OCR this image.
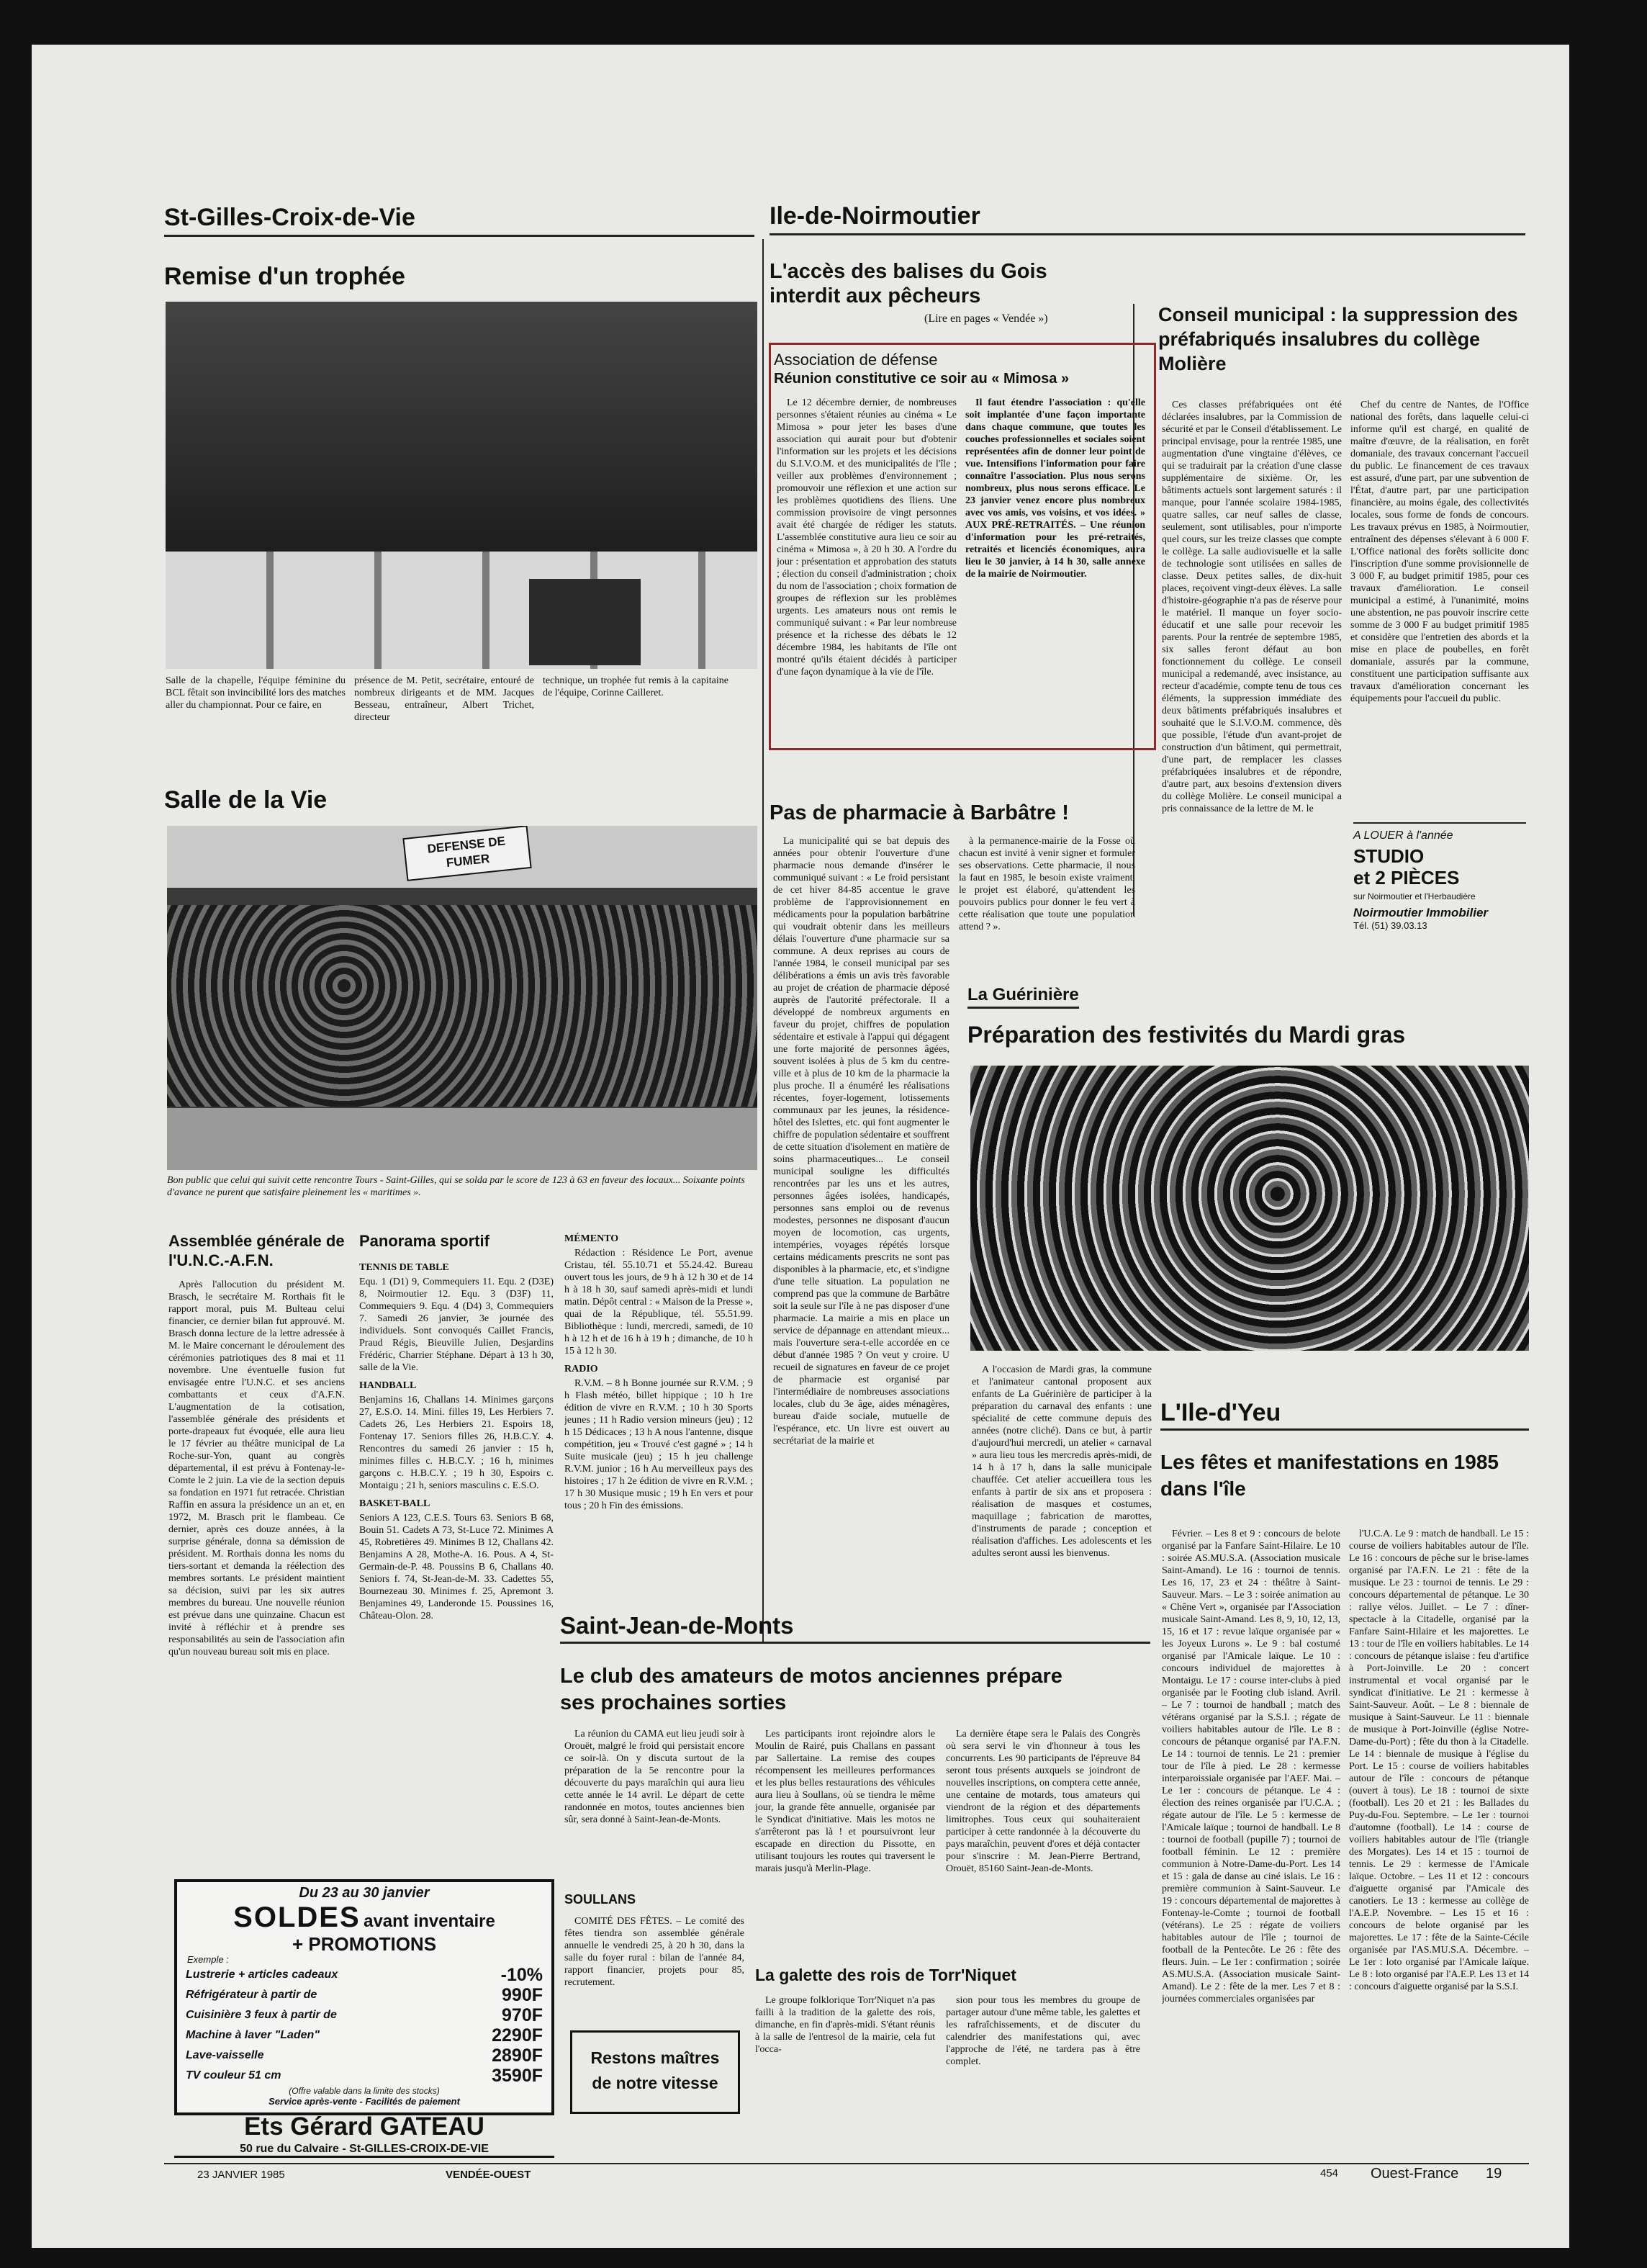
St-Gilles-Croix-de-Vie
Remise d'un trophée
Salle de la chapelle, l'équipe féminine du BCL fêtait son invincibilité lors des matches aller du championnat. Pour ce faire, en
présence de M. Petit, secrétaire, entouré de nombreux dirigeants et de MM. Jacques Besseau, entraîneur, Albert Trichet, directeur
technique, un trophée fut remis à la capitaine de l'équipe, Corinne Cailleret.
Salle de la Vie
DEFENSE DE FUMER
Bon public que celui qui suivit cette rencontre Tours - Saint-Gilles, qui se solda par le score de 123 à 63 en faveur des locaux... Soixante points d'avance ne purent que satisfaire pleinement les « maritimes ».
Assemblée générale de l'U.N.C.-A.F.N.

Après l'allocution du président M. Brasch, le secrétaire M. Rorthais fit le rapport moral, puis M. Bulteau celui financier, ce dernier bilan fut approuvé. M. Brasch donna lecture de la lettre adressée à M. le Maire concernant le déroulement des cérémonies patriotiques des 8 mai et 11 novembre. Une éventuelle fusion fut envisagée entre l'U.N.C. et ses anciens combattants et ceux d'A.F.N. L'augmentation de la cotisation, l'assemblée générale des présidents et porte-drapeaux fut évoquée, elle aura lieu le 17 février au théâtre municipal de La Roche-sur-Yon, quant au congrès départemental, il est prévu à Fontenay-le-Comte le 2 juin. La vie de la section depuis sa fondation en 1971 fut retracée. Christian Raffin en assura la présidence un an et, en 1972, M. Brasch prit le flambeau. Ce dernier, après ces douze années, à la surprise générale, donna sa démission de président. M. Rorthais donna les noms du tiers-sortant et demanda la réélection des membres sortants. Le président maintient sa décision, suivi par les six autres membres du bureau. Une nouvelle réunion est prévue dans une quinzaine. Chacun est invité à réfléchir et à prendre ses responsabilités au sein de l'association afin qu'un nouveau bureau soit mis en place.

Panorama sportif
TENNIS DE TABLE

Equ. 1 (D1) 9, Commequiers 11. Equ. 2 (D3E) 8, Noirmoutier 12. Equ. 3 (D3F) 11, Commequiers 9. Equ. 4 (D4) 3, Commequiers 7. Samedi 26 janvier, 3e journée des individuels. Sont convoqués Caillet Francis, Praud Régis, Bieuville Julien, Desjardins Frédéric, Charrier Stéphane. Départ à 13 h 30, salle de la Vie.

HANDBALL

Benjamins 16, Challans 14. Minimes garçons 27, E.S.O. 14. Mini. filles 19, Les Herbiers 7. Cadets 26, Les Herbiers 21. Espoirs 18, Fontenay 17. Seniors filles 26, H.B.C.Y. 4. Rencontres du samedi 26 janvier : 15 h, minimes filles c. H.B.C.Y. ; 16 h, minimes garçons c. H.B.C.Y. ; 19 h 30, Espoirs c. Montaigu ; 21 h, seniors masculins c. E.S.O.

BASKET-BALL

Seniors A 123, C.E.S. Tours 63. Seniors B 68, Bouin 51. Cadets A 73, St-Luce 72. Minimes A 45, Robretières 49. Minimes B 12, Challans 42. Benjamins A 28, Mothe-A. 16. Pous. A 4, St-Germain-de-P. 48. Poussins B 6, Challans 40. Seniors f. 74, St-Jean-de-M. 33. Cadettes 55, Bournezeau 30. Minimes f. 25, Apremont 3. Benjamines 49, Landeronde 15. Poussines 16, Château-Olon. 28.

MÉMENTO

Rédaction : Résidence Le Port, avenue Cristau, tél. 55.10.71 et 55.24.42. Bureau ouvert tous les jours, de 9 h à 12 h 30 et de 14 h à 18 h 30, sauf samedi après-midi et lundi matin. Dépôt central : « Maison de la Presse », quai de la République, tél. 55.51.99. Bibliothèque : lundi, mercredi, samedi, de 10 h à 12 h et de 16 h à 19 h ; dimanche, de 10 h 15 à 12 h 30.

RADIO

R.V.M. – 8 h Bonne journée sur R.V.M. ; 9 h Flash météo, billet hippique ; 10 h 1re édition de vivre en R.V.M. ; 10 h 30 Sports jeunes ; 11 h Radio version mineurs (jeu) ; 12 h 15 Dédicaces ; 13 h A nous l'antenne, disque compétition, jeu « Trouvé c'est gagné » ; 14 h Suite musicale (jeu) ; 15 h jeu challenge R.V.M. junior ; 16 h Au merveilleux pays des histoires ; 17 h 2e édition de vivre en R.V.M. ; 17 h 30 Musique music ; 19 h En vers et pour tous ; 20 h Fin des émissions.

Du 23 au 30 janvier
SOLDES avant inventaire
+ PROMOTIONS
Exemple :
Lustrerie + articles cadeaux	-10%
Réfrigérateur à partir de	990F
Cuisinière 3 feux à partir de	970F
Machine à laver "Laden"	2290F
Lave-vaisselle	2890F
TV couleur 51 cm	3590F
(Offre valable dans la limite des stocks)
Service après-vente - Facilités de paiement
Ets Gérard GATEAU
50 rue du Calvaire - St-GILLES-CROIX-DE-VIE
Ile-de-Noirmoutier
L'accès des balises du Gois interdit aux pêcheurs
(Lire en pages « Vendée »)
Association de défense
Réunion constitutive ce soir au « Mimosa »

Le 12 décembre dernier, de nombreuses personnes s'étaient réunies au cinéma « Le Mimosa » pour jeter les bases d'une association qui aurait pour but d'obtenir l'information sur les projets et les décisions du S.I.V.O.M. et des municipalités de l'île ; veiller aux problèmes d'environnement ; promouvoir une réflexion et une action sur les problèmes quotidiens des îliens. Une commission provisoire de vingt personnes avait été chargée de rédiger les statuts. L'assemblée constitutive aura lieu ce soir au cinéma « Mimosa », à 20 h 30. A l'ordre du jour : présentation et approbation des statuts ; élection du conseil d'administration ; choix du nom de l'association ; choix formation de groupes de réflexion sur les problèmes urgents. Les amateurs nous ont remis le communiqué suivant : « Par leur nombreuse présence et la richesse des débats le 12 décembre 1984, les habitants de l'île ont montré qu'ils étaient décidés à participer d'une façon dynamique à la vie de l'île.

Il faut étendre l'association : qu'elle soit implantée d'une façon importante dans chaque commune, que toutes les couches professionnelles et sociales soient représentées afin de donner leur point de vue. Intensifions l'information pour faire connaître l'association. Plus nous serons nombreux, plus nous serons efficace. Le 23 janvier venez encore plus nombreux avec vos amis, vos voisins, et vos idées. » AUX PRÉ-RETRAITÉS. – Une réunion d'information pour les pré-retraités, retraités et licenciés économiques, aura lieu le 30 janvier, à 14 h 30, salle annexe de la mairie de Noirmoutier.

Pas de pharmacie à Barbâtre !

La municipalité qui se bat depuis des années pour obtenir l'ouverture d'une pharmacie nous demande d'insérer le communiqué suivant : « Le froid persistant de cet hiver 84-85 accentue le grave problème de l'approvisionnement en médicaments pour la population barbâtrine qui voudrait obtenir dans les meilleurs délais l'ouverture d'une pharmacie sur sa commune. A deux reprises au cours de l'année 1984, le conseil municipal par ses délibérations a émis un avis très favorable au projet de création de pharmacie déposé auprès de l'autorité préfectorale. Il a développé de nombreux arguments en faveur du projet, chiffres de population sédentaire et estivale à l'appui qui dégagent une forte majorité de personnes âgées, souvent isolées à plus de 5 km du centre-ville et à plus de 10 km de la pharmacie la plus proche. Il a énuméré les réalisations récentes, foyer-logement, lotissements communaux par les jeunes, la résidence-hôtel des Islettes, etc. qui font augmenter le chiffre de population sédentaire et souffrent de cette situation d'isolement en matière de soins pharmaceutiques... Le conseil municipal souligne les difficultés rencontrées par les uns et les autres, personnes âgées isolées, handicapés, personnes sans emploi ou de revenus modestes, personnes ne disposant d'aucun moyen de locomotion, cas urgents, intempéries, voyages répétés lorsque certains médicaments prescrits ne sont pas disponibles à la pharmacie, etc, et s'indigne d'une telle situation. La population ne comprend pas que la commune de Barbâtre soit la seule sur l'île à ne pas disposer d'une pharmacie. La mairie a mis en place un service de dépannage en attendant mieux... mais l'ouverture sera-t-elle accordée en ce début d'année 1985 ? On veut y croire. U recueil de signatures en faveur de ce projet de pharmacie est organisé par l'intermédiaire de nombreuses associations locales, club du 3e âge, aides ménagères, bureau d'aide sociale, mutuelle de l'espérance, etc. Un livre est ouvert au secrétariat de la mairie et

à la permanence-mairie de la Fosse où chacun est invité à venir signer et formuler ses observations. Cette pharmacie, il nous la faut en 1985, le besoin existe vraiment, le projet est élaboré, qu'attendent les pouvoirs publics pour donner le feu vert à cette réalisation que toute une population attend ? ».

La Guérinière
Préparation des festivités du Mardi gras

A l'occasion de Mardi gras, la commune et l'animateur cantonal proposent aux enfants de La Guérinière de participer à la préparation du carnaval des enfants : une spécialité de cette commune depuis des années (notre cliché). Dans ce but, à partir d'aujourd'hui mercredi, un atelier « carnaval » aura lieu tous les mercredis après-midi, de 14 h à 17 h, dans la salle municipale chauffée. Cet atelier accueillera tous les enfants à partir de six ans et proposera : réalisation de masques et costumes, maquillage ; fabrication de marottes, d'instruments de parade ; conception et réalisation d'affiches. Les adolescents et les adultes seront aussi les bienvenus.

Conseil municipal : la suppression des préfabriqués insalubres du collège Molière

Ces classes préfabriquées ont été déclarées insalubres, par la Commission de sécurité et par le Conseil d'établissement. Le principal envisage, pour la rentrée 1985, une augmentation d'une vingtaine d'élèves, ce qui se traduirait par la création d'une classe supplémentaire de sixième. Or, les bâtiments actuels sont largement saturés : il manque, pour l'année scolaire 1984-1985, quatre salles, car neuf salles de classe, seulement, sont utilisables, pour n'importe quel cours, sur les treize classes que compte le collège. La salle audiovisuelle et la salle de technologie sont utilisées en salles de classe. Deux petites salles, de dix-huit places, reçoivent vingt-deux élèves. La salle d'histoire-géographie n'a pas de réserve pour le matériel. Il manque un foyer socio-éducatif et une salle pour recevoir les parents. Pour la rentrée de septembre 1985, six salles feront défaut au bon fonctionnement du collège. Le conseil municipal a redemandé, avec insistance, au recteur d'académie, compte tenu de tous ces éléments, la suppression immédiate des deux bâtiments préfabriqués insalubres et souhaité que le S.I.V.O.M. commence, dès que possible, l'étude d'un avant-projet de construction d'un bâtiment, qui permettrait, d'une part, de remplacer les classes préfabriquées insalubres et de répondre, d'autre part, aux besoins d'extension divers du collège Molière. Le conseil municipal a pris connaissance de la lettre de M. le

Chef du centre de Nantes, de l'Office national des forêts, dans laquelle celui-ci informe qu'il est chargé, en qualité de maître d'œuvre, de la réalisation, en forêt domaniale, des travaux concernant l'accueil du public. Le financement de ces travaux est assuré, d'une part, par une subvention de l'État, d'autre part, par une participation financière, au moins égale, des collectivités locales, sous forme de fonds de concours. Les travaux prévus en 1985, à Noirmoutier, entraînent des dépenses s'élevant à 6 000 F. L'Office national des forêts sollicite donc l'inscription d'une somme provisionnelle de 3 000 F, au budget primitif 1985, pour ces travaux d'amélioration. Le conseil municipal a estimé, à l'unanimité, moins une abstention, ne pas pouvoir inscrire cette somme de 3 000 F au budget primitif 1985 et considère que l'entretien des abords et la mise en place de poubelles, en forêt domaniale, assurés par la commune, constituent une participation suffisante aux travaux d'amélioration concernant les équipements pour l'accueil du public.

A LOUER à l'année
STUDIO
et 2 PIÈCES
sur Noirmoutier et l'Herbaudière
Noirmoutier Immobilier
Tél. (51) 39.03.13
L'Ile-d'Yeu
Les fêtes et manifestations en 1985 dans l'île

Février. – Les 8 et 9 : concours de belote organisé par la Fanfare Saint-Hilaire. Le 10 : soirée AS.MU.S.A. (Association musicale Saint-Amand). Le 16 : tournoi de tennis. Les 16, 17, 23 et 24 : théâtre à Saint-Sauveur. Mars. – Le 3 : soirée animation au « Chêne Vert », organisée par l'Association musicale Saint-Amand. Les 8, 9, 10, 12, 13, 15, 16 et 17 : revue laïque organisée par « les Joyeux Lurons ». Le 9 : bal costumé organisé par l'Amicale laïque. Le 10 : concours individuel de majorettes à Montaigu. Le 17 : course inter-clubs à pied organisée par le Footing club island. Avril. – Le 7 : tournoi de handball ; match des vétérans organisé par la S.S.I. ; régate de voiliers habitables autour de l'île. Le 8 : concours de pétanque organisé par l'A.F.N. Le 14 : tournoi de tennis. Le 21 : premier tour de l'île à pied. Le 28 : kermesse interparoissiale organisée par l'AEF. Mai. – Le 1er : concours de pétanque. Le 4 : élection des reines organisée par l'U.C.A. ; régate autour de l'île. Le 5 : kermesse de l'Amicale laïque ; tournoi de handball. Le 8 : tournoi de football (pupille 7) ; tournoi de football féminin. Le 12 : première communion à Notre-Dame-du-Port. Les 14 et 15 : gala de danse au ciné islais. Le 16 : première communion à Saint-Sauveur. Le 19 : concours départemental de majorettes à Fontenay-le-Comte ; tournoi de football (vétérans). Le 25 : régate de voiliers habitables autour de l'île ; tournoi de football de la Pentecôte. Le 26 : fête des fleurs. Juin. – Le 1er : confirmation ; soirée AS.MU.S.A. (Association musicale Saint-Amand). Le 2 : fête de la mer. Les 7 et 8 : journées commerciales organisées par

l'U.C.A. Le 9 : match de handball. Le 15 : course de voiliers habitables autour de l'île. Le 16 : concours de pêche sur le brise-lames organisé par l'A.F.N. Le 21 : fête de la musique. Le 23 : tournoi de tennis. Le 29 : concours départemental de pétanque. Le 30 : rallye vélos. Juillet. – Le 7 : dîner-spectacle à la Citadelle, organisé par la Fanfare Saint-Hilaire et les majorettes. Le 13 : tour de l'île en voiliers habitables. Le 14 : concours de pétanque islaise : feu d'artifice à Port-Joinville. Le 20 : concert instrumental et vocal organisé par le syndicat d'initiative. Le 21 : kermesse à Saint-Sauveur. Août. – Le 8 : biennale de musique à Saint-Sauveur. Le 11 : biennale de musique à Port-Joinville (église Notre-Dame-du-Port) ; fête du thon à la Citadelle. Le 14 : biennale de musique à l'église du Port. Le 15 : course de voiliers habitables autour de l'île : concours de pétanque (ouvert à tous). Le 18 : tournoi de sixte (football). Les 20 et 21 : les Ballades du Puy-du-Fou. Septembre. – Le 1er : tournoi d'automne (football). Le 14 : course de voiliers habitables autour de l'île (triangle des Morgates). Les 14 et 15 : tournoi de tennis. Le 29 : kermesse de l'Amicale laïque. Octobre. – Les 11 et 12 : concours d'aiguette organisé par l'Amicale des canotiers. Le 13 : kermesse au collège de l'A.E.P. Novembre. – Les 15 et 16 : concours de belote organisé par les majorettes. Le 17 : fête de la Sainte-Cécile organisée par l'AS.MU.S.A. Décembre. – Le 1er : loto organisé par l'Amicale laïque. Le 8 : loto organisé par l'A.E.P. Les 13 et 14 : concours d'aiguette organisé par la S.S.I.

Saint-Jean-de-Monts
Le club des amateurs de motos anciennes prépare ses prochaines sorties

La réunion du CAMA eut lieu jeudi soir à Orouët, malgré le froid qui persistait encore ce soir-là. On y discuta surtout de la préparation de la 5e rencontre pour la découverte du pays maraîchin qui aura lieu cette année le 14 avril. Le départ de cette randonnée en motos, toutes anciennes bien sûr, sera donné à Saint-Jean-de-Monts.

Les participants iront rejoindre alors le Moulin de Rairé, puis Challans en passant par Sallertaine. La remise des coupes récompensent les meilleures performances et les plus belles restaurations des véhicules aura lieu à Soullans, où se tiendra le même jour, la grande fête annuelle, organisée par le Syndicat d'initiative. Mais les motos ne s'arrêteront pas là ! et poursuivront leur escapade en direction du Pissotte, en utilisant toujours les routes qui traversent le marais jusqu'à Merlin-Plage.

La dernière étape sera le Palais des Congrès où sera servi le vin d'honneur à tous les concurrents. Les 90 participants de l'épreuve 84 seront tous présents auxquels se joindront de nouvelles inscriptions, on comptera cette année, une centaine de motards, tous amateurs qui viendront de la région et des départements limitrophes. Tous ceux qui souhaiteraient participer à cette randonnée à la découverte du pays maraîchin, peuvent d'ores et déjà contacter pour s'inscrire : M. Jean-Pierre Bertrand, Orouët, 85160 Saint-Jean-de-Monts.

SOULLANS

COMITÉ DES FÊTES. – Le comité des fêtes tiendra son assemblée générale annuelle le vendredi 25, à 20 h 30, dans la salle du foyer rural : bilan de l'année 84, rapport financier, projets pour 85, recrutement.	La galette des rois de Torr'Niquet

Le groupe folklorique Torr'Niquet n'a pas failli à la tradition de la galette des rois, dimanche, en fin d'après-midi. S'étant réunis à la salle de l'entresol de la mairie, cela fut l'occa-

sion pour tous les membres du groupe de partager autour d'une même table, les galettes et les rafraîchissements, et de discuter du calendrier des manifestations qui, avec l'approche de l'été, ne tardera pas à être complet.

Restons maîtres
de notre vitesse
23 JANVIER 1985	VENDÉE-OUEST	454 Ouest-France 19
